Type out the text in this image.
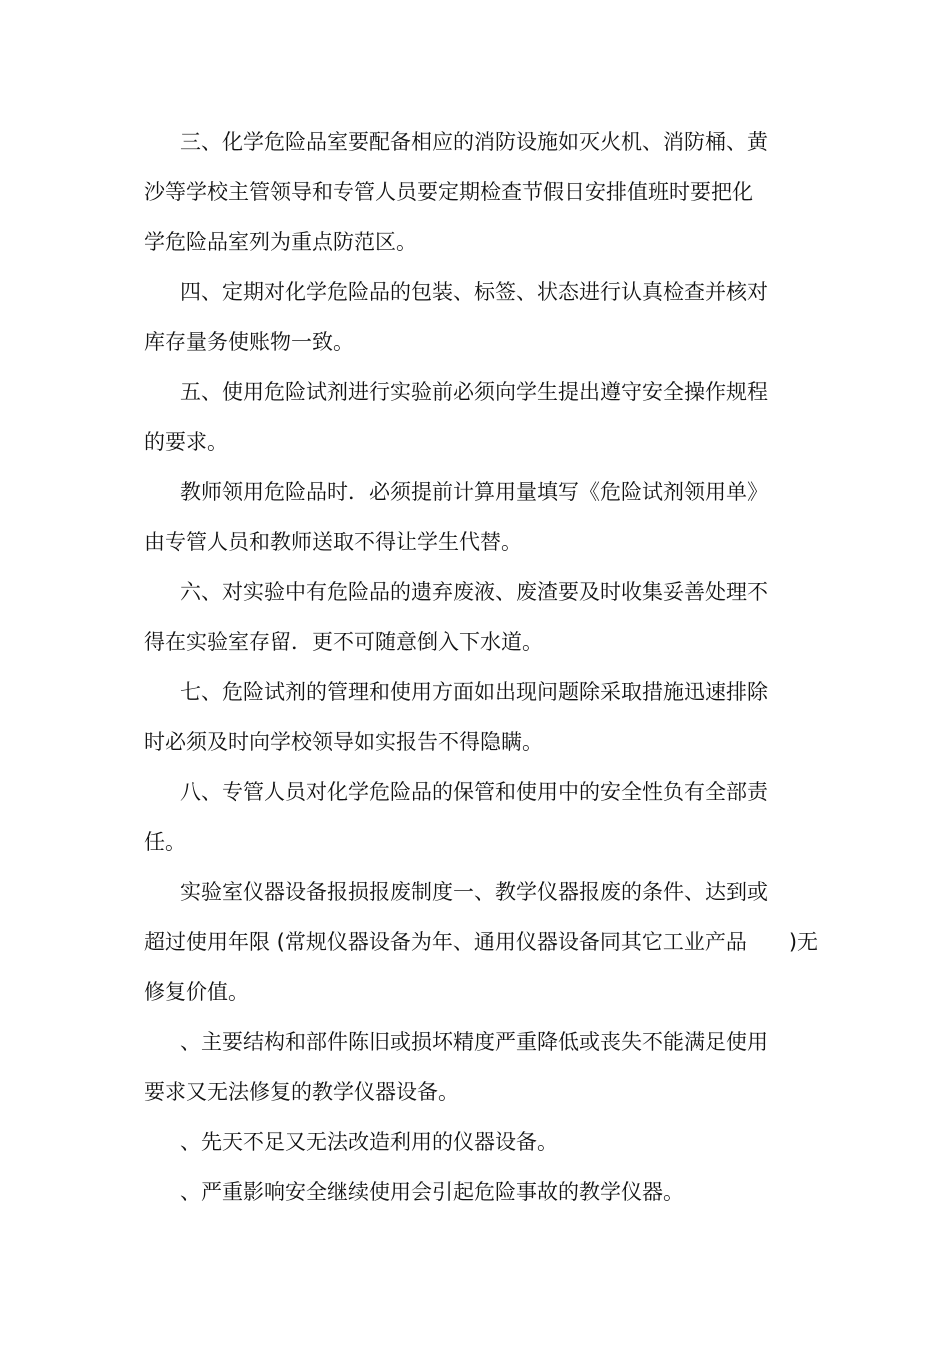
三、化学危险品室要配备相应的消防设施如灭火机、消防桶、黄

沙等学校主管领导和专管人员要定期检查节假日安排值班时要把化

学危险品室列为重点防范区。

四、定期对化学危险品的包装、标签、状态进行认真检查并核对

库存量务使账物一致。

五、使用危险试剂进行实验前必须向学生提出遵守安全操作规程

的要求。

教师领用危险品时．必须提前计算用量填写《危险试剂领用单》

由专管人员和教师送取不得让学生代替。

六、对实验中有危险品的遗弃废液、废渣要及时收集妥善处理不

得在实验室存留．更不可随意倒入下水道。

七、危险试剂的管理和使用方面如出现问题除采取措施迅速排除

时必须及时向学校领导如实报告不得隐瞒。

八、专管人员对化学危险品的保管和使用中的安全性负有全部责

任。

实验室仪器设备报损报废制度一、教学仪器报废的条件、达到或

超过使用年限 (常规仪器设备为年、通用仪器设备同其它工业产品　　)无

修复价值。

、主要结构和部件陈旧或损坏精度严重降低或丧失不能满足使用

要求又无法修复的教学仪器设备。

、先天不足又无法改造利用的仪器设备。

、严重影响安全继续使用会引起危险事故的教学仪器。
